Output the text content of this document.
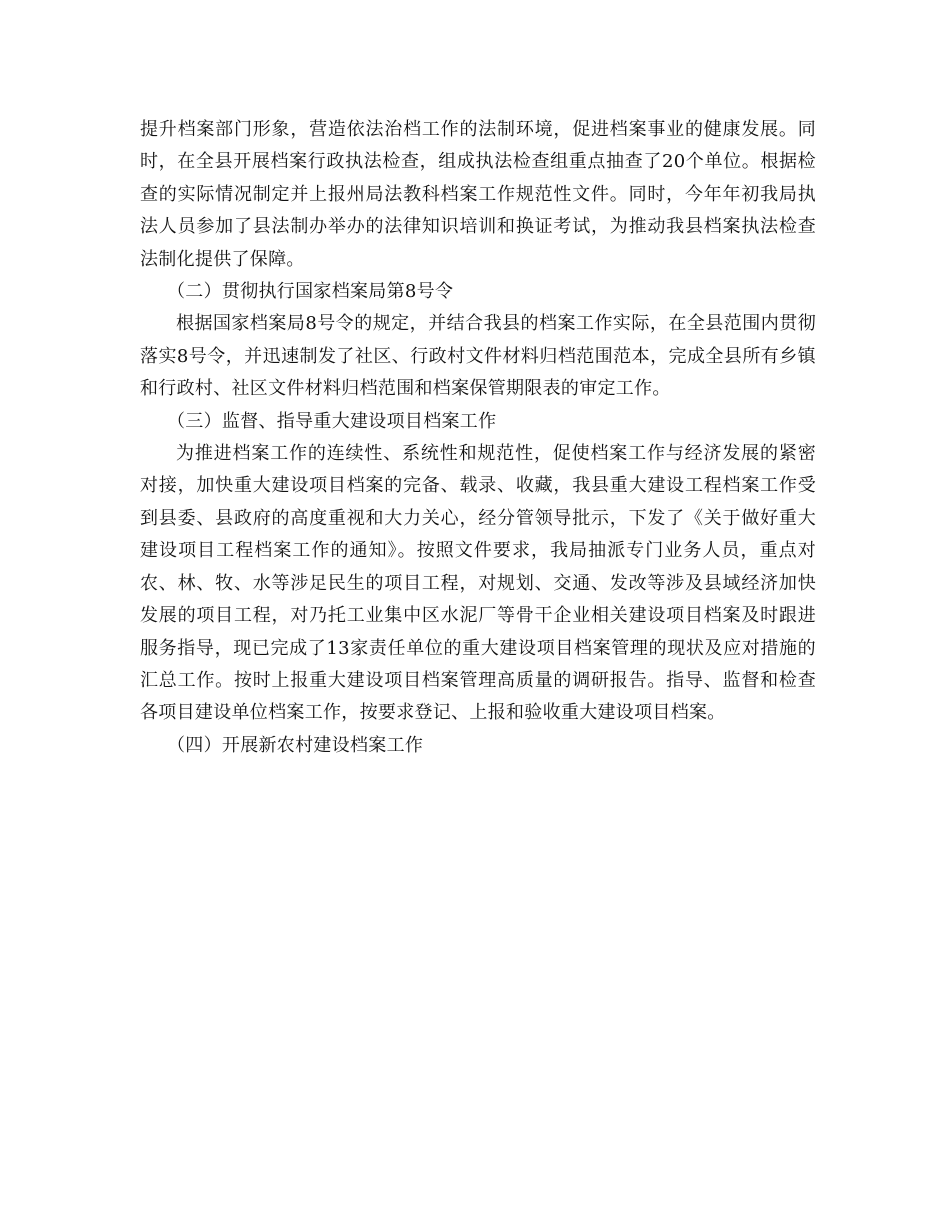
提升档案部门形象，营造依法治档工作的法制环境，促进档案事业的健康发展。同时，在全县开展档案行政执法检查，组成执法检查组重点抽查了20个单位。根据检查的实际情况制定并上报州局法教科档案工作规范性文件。同时，今年年初我局执法人员参加了县法制办举办的法律知识培训和换证考试，为推动我县档案执法检查法制化提供了保障。

（二）贯彻执行国家档案局第8号令

根据国家档案局8号令的规定，并结合我县的档案工作实际，在全县范围内贯彻落实8号令，并迅速制发了社区、行政村文件材料归档范围范本，完成全县所有乡镇和行政村、社区文件材料归档范围和档案保管期限表的审定工作。

（三）监督、指导重大建设项目档案工作

为推进档案工作的连续性、系统性和规范性，促使档案工作与经济发展的紧密对接，加快重大建设项目档案的完备、载录、收藏，我县重大建设工程档案工作受到县委、县政府的高度重视和大力关心，经分管领导批示，下发了《关于做好重大建设项目工程档案工作的通知》。按照文件要求，我局抽派专门业务人员，重点对农、林、牧、水等涉足民生的项目工程，对规划、交通、发改等涉及县域经济加快发展的项目工程，对乃托工业集中区水泥厂等骨干企业相关建设项目档案及时跟进服务指导，现已完成了13家责任单位的重大建设项目档案管理的现状及应对措施的汇总工作。按时上报重大建设项目档案管理高质量的调研报告。指导、监督和检查各项目建设单位档案工作，按要求登记、上报和验收重大建设项目档案。

（四）开展新农村建设档案工作
